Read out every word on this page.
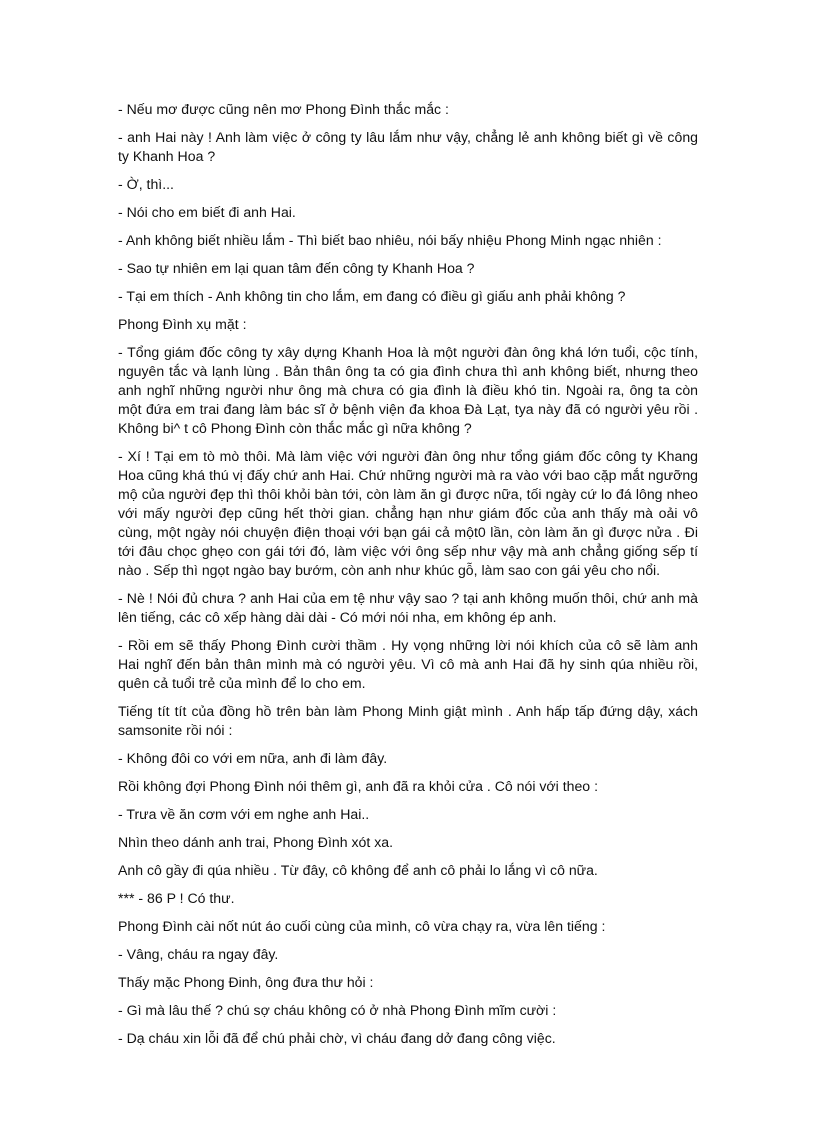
- Nếu mơ được cũng nên mơ Phong Đình thắc mắc :

- anh Hai này ! Anh làm việc ở công ty lâu lắm như vậy, chẳng lẻ anh không biết gì về công ty Khanh Hoa ?

- Ờ, thì...

- Nói cho em biết đi anh Hai.

- Anh không biết nhiều lắm - Thì biết bao nhiêu, nói bấy nhiệu Phong Minh ngạc nhiên :

- Sao tự nhiên em lại quan tâm đến công ty Khanh Hoa ?

- Tại em thích - Anh không tin cho lắm, em đang có điều gì giấu anh phải không ?

Phong Đình xụ mặt :

- Tổng giám đốc công ty xây dựng Khanh Hoa là một người đàn ông khá lớn tuổi, cộc tính, nguyên tắc và lạnh lùng . Bản thân ông ta có gia đình chưa thì anh không biết, nhưng theo anh nghĩ những người như ông mà chưa có gia đình là điều khó tin. Ngoài ra, ông ta còn một đứa em trai đang làm bác sĩ ở bệnh viện đa khoa Đà Lạt, tya này đã có người yêu rồi . Không bi^ t cô Phong Đình còn thắc mắc gì nữa không ?

- Xí ! Tại em tò mò thôi. Mà làm việc với người đàn ông như tổng giám đốc công ty Khang Hoa cũng khá thú vị đấy chứ anh Hai. Chứ những người mà ra vào với bao cặp mắt ngưỡng mộ của người đẹp thì thôi khỏi bàn tới, còn làm ăn gì được nữa, tối ngày cứ lo đá lông nheo với mấy người đẹp cũng hết thời gian. chẳng hạn như giám đốc của anh thấy mà oải vô cùng, một ngày nói chuyện điện thoại với bạn gái cả một0 lần, còn làm ăn gì được nửa . Đi tới đâu chọc ghẹo con gái tới đó, làm việc với ông sếp như vậy mà anh chẳng giống sếp tí nào . Sếp thì ngọt ngào bay bướm, còn anh như khúc gỗ, làm sao con gái yêu cho nổi.

- Nè ! Nói đủ chưa ? anh Hai của em tệ như vậy sao ? tại anh không muốn thôi, chứ anh mà lên tiếng, các cô xếp hàng dài dài - Có mới nói nha, em không ép anh.

- Rồi em sẽ thấy Phong Đình cười thầm . Hy vọng những lời nói khích của cô sẽ làm anh Hai nghĩ đến bản thân mình mà có người yêu. Vì cô mà anh Hai đã hy sinh qúa nhiều rồi, quên cả tuổi trẻ của mình để lo cho em.

Tiếng tít tít của đồng hồ trên bàn làm Phong Minh giật mình . Anh hấp tấp đứng dậy, xách samsonite rồi nói :

- Không đôi co với em nữa, anh đi làm đây.

Rồi không đợi Phong Đình nói thêm gì, anh đã ra khỏi cửa . Cô nói với theo :

- Trưa về ăn cơm với em nghe anh Hai..

Nhìn theo dánh anh trai, Phong Đình xót xa.

Anh cô gầy đi qúa nhiều . Từ đây, cô không để anh cô phải lo lắng vì cô nữa.

*** - 86 P ! Có thư.

Phong Đình cài nốt nút áo cuối cùng của mình, cô vừa chạy ra, vừa lên tiếng :

- Vâng, cháu ra ngay đây.

Thấy mặc Phong Đinh, ông đưa thư hỏi :

- Gì mà lâu thế ? chú sợ cháu không có ở nhà Phong Đình mĩm cười :

- Dạ cháu xin lỗi đã để chú phải chờ, vì cháu đang dở đang công việc.
